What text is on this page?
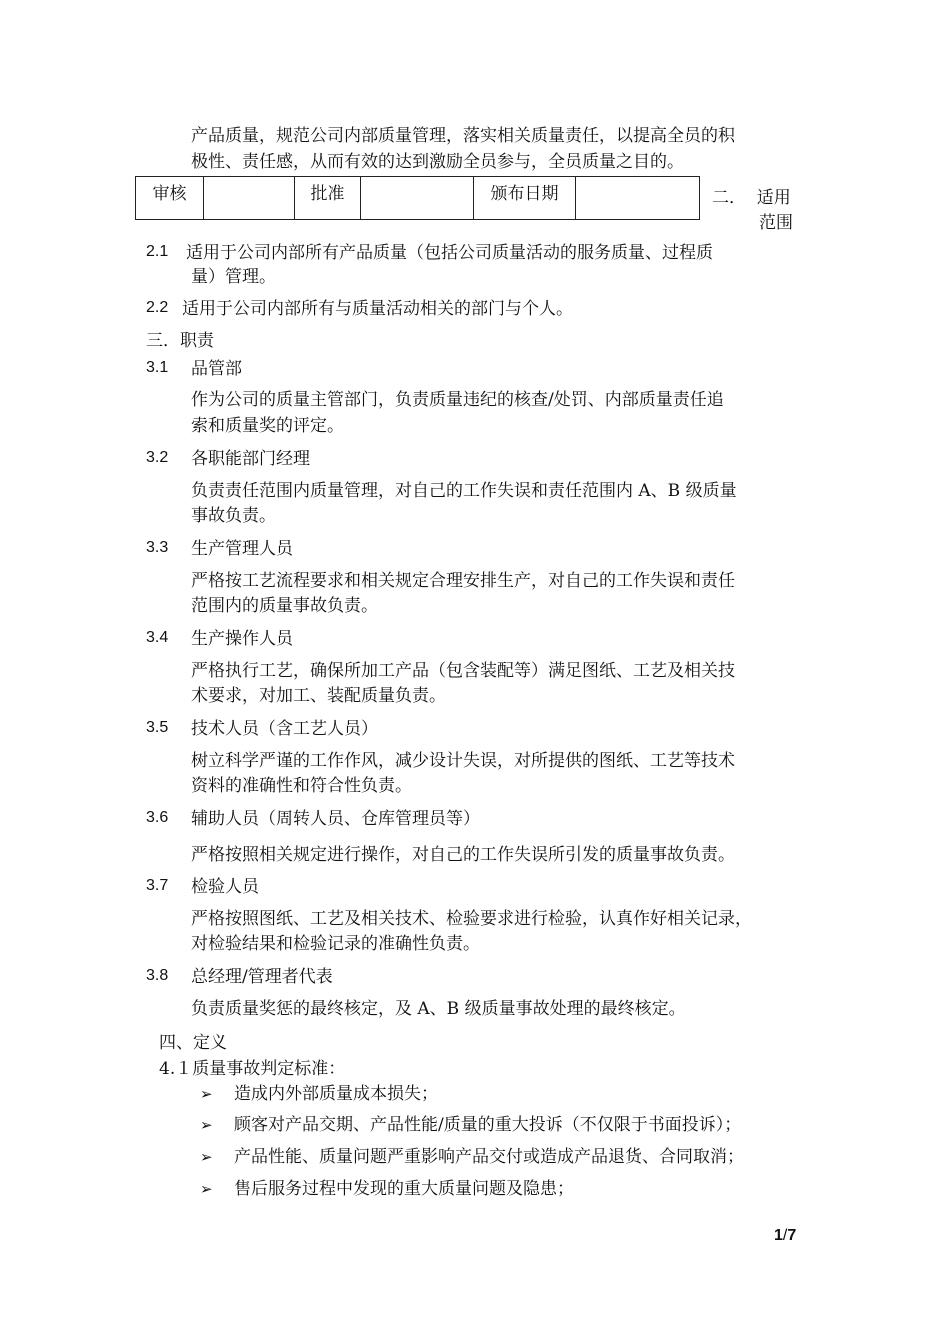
产品质量，规范公司内部质量管理，落实相关质量责任，以提高全员的积
极性、责任感，从而有效的达到激励全员参与，全员质量之目的。
审核		批准		颁布日期		二．  适用
范围
2.1 适用于公司内部所有产品质量（包括公司质量活动的服务质量、过程质
量）管理。
2.2 适用于公司内部所有与质量活动相关的部门与个人。
三．职责
3.1 品管部
作为公司的质量主管部门，负责质量违纪的核查/处罚、内部质量责任追
索和质量奖的评定。
3.2 各职能部门经理
负责责任范围内质量管理，对自己的工作失误和责任范围内 A、B 级质量
事故负责。
3.3 生产管理人员
严格按工艺流程要求和相关规定合理安排生产，对自己的工作失误和责任
范围内的质量事故负责。
3.4 生产操作人员
严格执行工艺，确保所加工产品（包含装配等）满足图纸、工艺及相关技
术要求，对加工、装配质量负责。
3.5 技术人员（含工艺人员）
树立科学严谨的工作作风，减少设计失误，对所提供的图纸、工艺等技术
资料的准确性和符合性负责。
3.6 辅助人员（周转人员、仓库管理员等）
严格按照相关规定进行操作，对自己的工作失误所引发的质量事故负责。
3.7 检验人员
严格按照图纸、工艺及相关技术、检验要求进行检验，认真作好相关记录，
对检验结果和检验记录的准确性负责。
3.8 总经理/管理者代表
负责质量奖惩的最终核定，及 A、B 级质量事故处理的最终核定。
四、定义
4.１质量事故判定标准：
➢ 造成内外部质量成本损失；
➢ 顾客对产品交期、产品性能/质量的重大投诉（不仅限于书面投诉）；
➢ 产品性能、质量问题严重影响产品交付或造成产品退货、合同取消；
➢ 售后服务过程中发现的重大质量问题及隐患；
1/7
